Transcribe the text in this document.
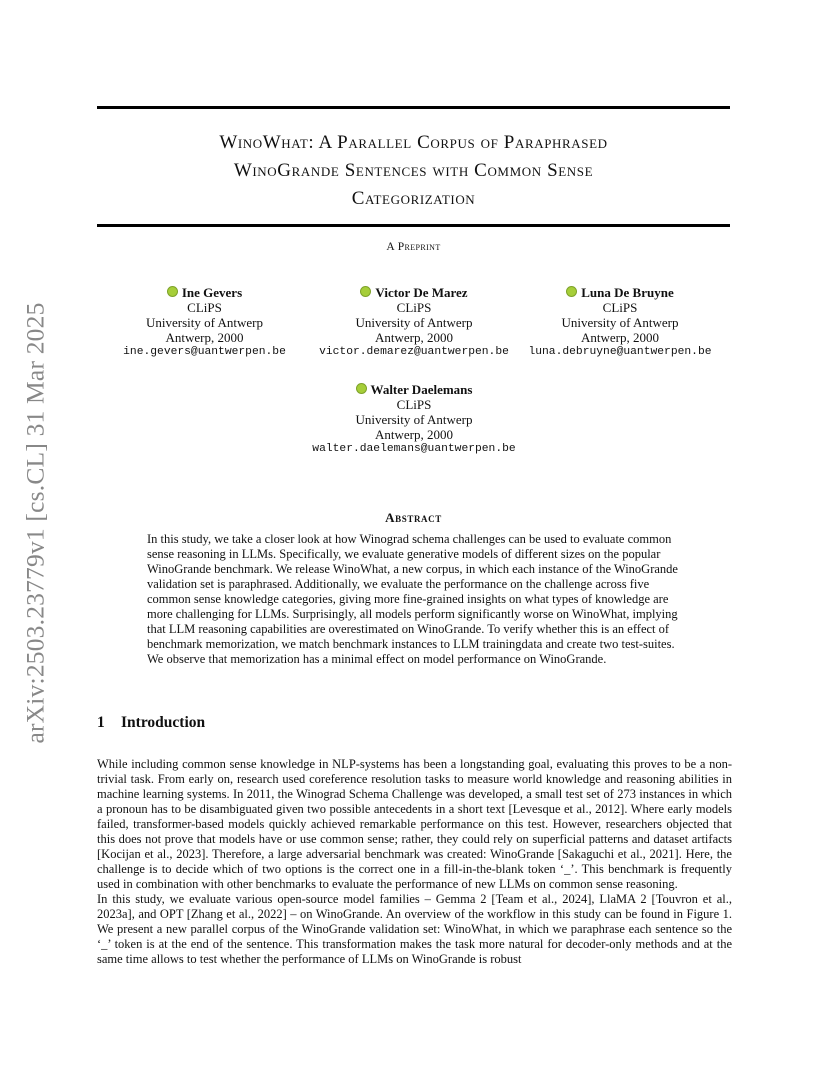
arXiv:2503.23779v1 [cs.CL] 31 Mar 2025
WinoWhat: A Parallel Corpus of Paraphrased
WinoGrande Sentences with Common Sense
Categorization
A Preprint
Ine Gevers
CLiPS
University of Antwerp
Antwerp, 2000
ine.gevers@uantwerpen.be
Victor De Marez
CLiPS
University of Antwerp
Antwerp, 2000
victor.demarez@uantwerpen.be
Luna De Bruyne
CLiPS
University of Antwerp
Antwerp, 2000
luna.debruyne@uantwerpen.be
Walter Daelemans
CLiPS
University of Antwerp
Antwerp, 2000
walter.daelemans@uantwerpen.be
Abstract

In this study, we take a closer look at how Winograd schema challenges can be used to evaluate common sense reasoning in LLMs. Specifically, we evaluate generative models of different sizes on the popular WinoGrande benchmark. We release WinoWhat, a new corpus, in which each instance of the WinoGrande validation set is paraphrased. Additionally, we evaluate the performance on the challenge across five common sense knowledge categories, giving more fine-grained insights on what types of knowledge are more challenging for LLMs. Surprisingly, all models perform significantly worse on WinoWhat, implying that LLM reasoning capabilities are overestimated on WinoGrande. To verify whether this is an effect of benchmark memorization, we match benchmark instances to LLM trainingdata and create two test-suites. We observe that memorization has a minimal effect on model performance on WinoGrande.

1 Introduction

While including common sense knowledge in NLP-systems has been a longstanding goal, evaluating this proves to be a non-trivial task. From early on, research used coreference resolution tasks to measure world knowledge and reasoning abilities in machine learning systems. In 2011, the Winograd Schema Challenge was developed, a small test set of 273 instances in which a pronoun has to be disambiguated given two possible antecedents in a short text [Levesque et al., 2012]. Where early models failed, transformer-based models quickly achieved remarkable performance on this test. However, researchers objected that this does not prove that models have or use common sense; rather, they could rely on superficial patterns and dataset artifacts [Kocijan et al., 2023]. Therefore, a large adversarial benchmark was created: WinoGrande [Sakaguchi et al., 2021]. Here, the challenge is to decide which of two options is the correct one in a fill-in-the-blank token ‘_’. This benchmark is frequently used in combination with other benchmarks to evaluate the performance of new LLMs on common sense reasoning.

In this study, we evaluate various open-source model families – Gemma 2 [Team et al., 2024], LlaMA 2 [Touvron et al., 2023a], and OPT [Zhang et al., 2022] – on WinoGrande. An overview of the workflow in this study can be found in Figure 1. We present a new parallel corpus of the WinoGrande validation set: WinoWhat, in which we paraphrase each sentence so the ‘_’ token is at the end of the sentence. This transformation makes the task more natural for decoder-only methods and at the same time allows to test whether the performance of LLMs on WinoGrande is robust
